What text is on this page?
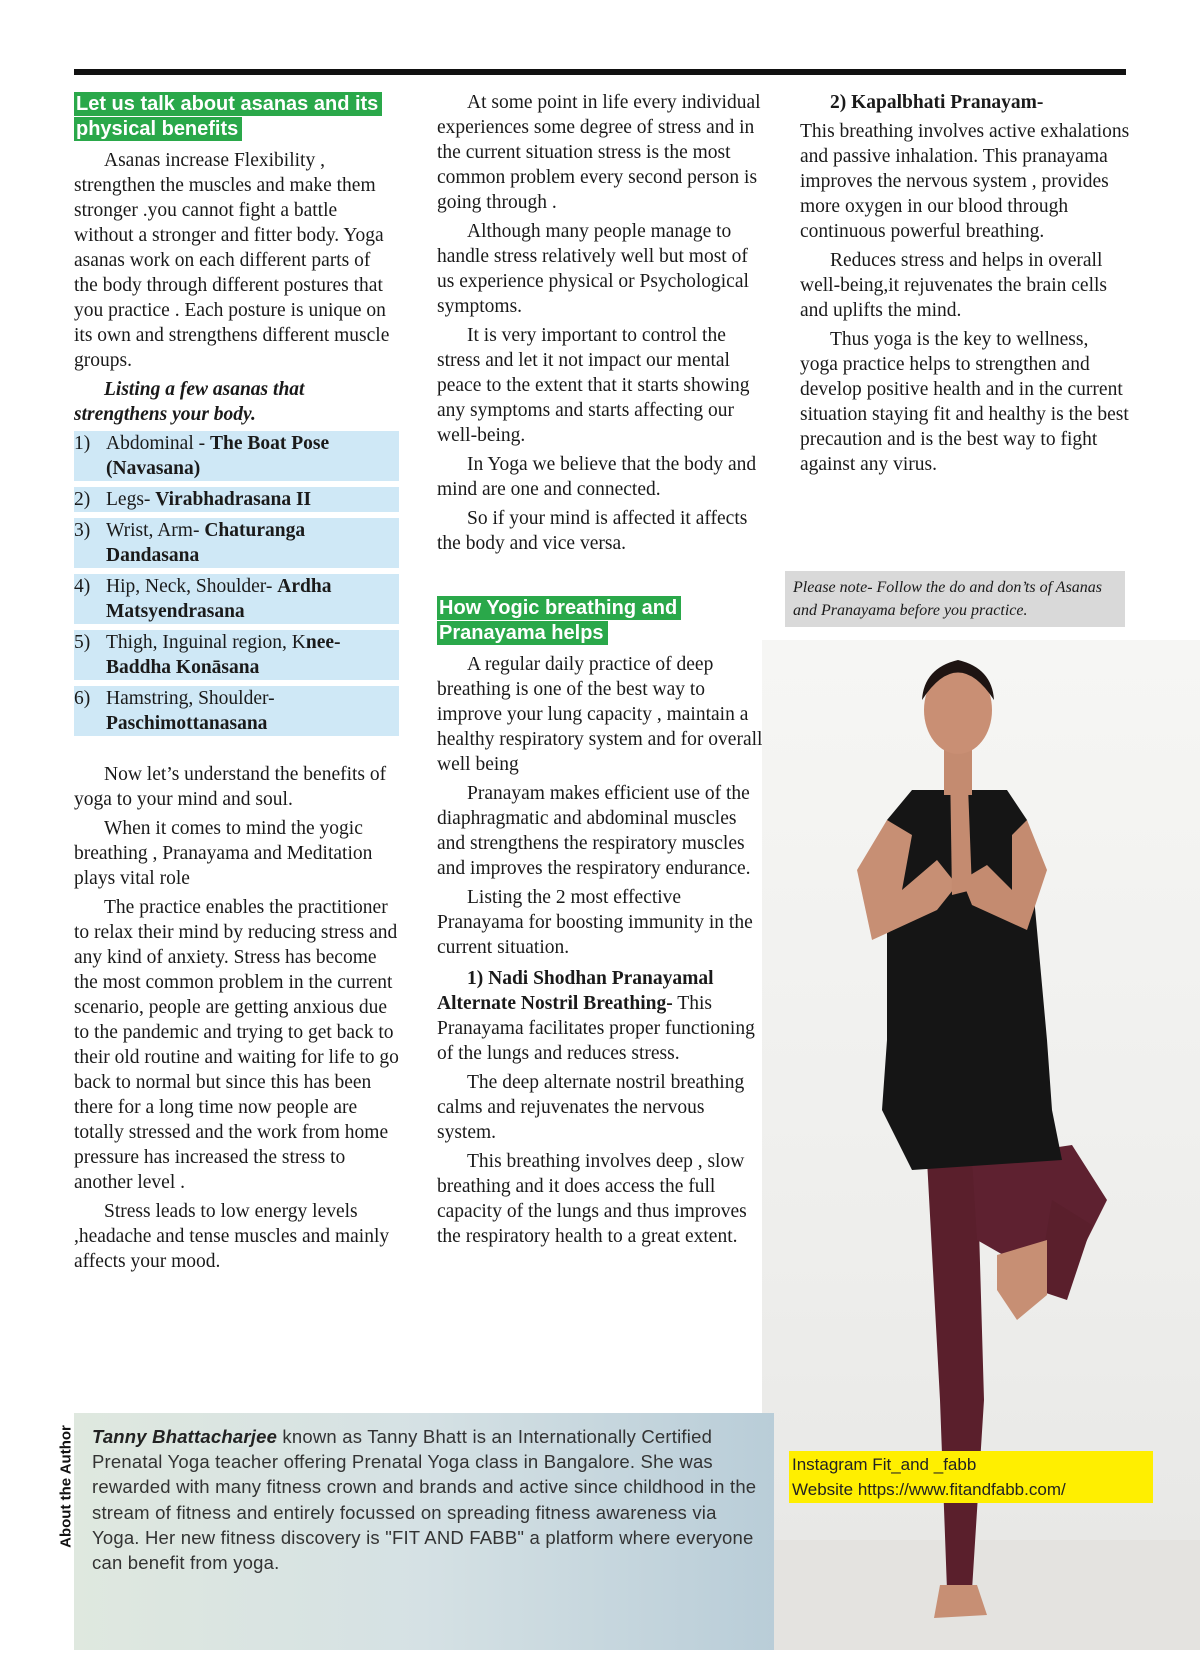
Let us talk about asanas and its physical benefits

Asanas increase Flexibility , strengthen the muscles and make them stronger .you cannot fight a battle without a stronger and fitter body. Yoga asanas work on each different parts of the body through different postures that you practice . Each posture is unique on its own and strengthens different muscle groups.

Listing a few asanas that strengthens your body.

1) Abdominal - The Boat Pose (Navasana)
2) Legs- Virabhadrasana II
3) Wrist, Arm- Chaturanga Dandasana
4) Hip, Neck, Shoulder- Ardha Matsyendrasana
5) Thigh, Inguinal region, Knee- Baddha Konāsana
6) Hamstring, Shoulder- Paschimottanasana

Now let’s understand the benefits of yoga to your mind and soul.

When it comes to mind the yogic breathing , Pranayama and Meditation plays vital role

The practice enables the practitioner to relax their mind by reducing stress and any kind of anxiety. Stress has become the most common problem in the current scenario, people are getting anxious due to the pandemic and trying to get back to their old routine and waiting for life to go back to normal but since this has been there for a long time now people are totally stressed and the work from home pressure has increased the stress to another level .

Stress leads to low energy levels ,headache and tense muscles and mainly affects your mood.

At some point in life every individual experiences some degree of stress and in the current situation stress is the most common problem every second person is going through .

Although many people manage to handle stress relatively well but most of us experience physical or Psychological symptoms.

It is very important to control the stress and let it not impact our mental peace to the extent that it starts showing any symptoms and starts affecting our well-being.

In Yoga we believe that the body and mind are one and connected.

So if your mind is affected it affects the body and vice versa.

How Yogic breathing and Pranayama helps

A regular daily practice of deep breathing is one of the best way to improve your lung capacity , maintain a healthy respiratory system and for overall well being

Pranayam makes efficient use of the diaphragmatic and abdominal muscles and strengthens the respiratory muscles and improves the respiratory endurance.

Listing the 2 most effective Pranayama for boosting immunity in the current situation.

1) Nadi Shodhan Pranayamal Alternate Nostril Breathing- This Pranayama facilitates proper functioning of the lungs and reduces stress.

The deep alternate nostril breathing calms and rejuvenates the nervous system.

This breathing involves deep , slow breathing and it does access the full capacity of the lungs and thus improves the respiratory health to a great extent.

2) Kapalbhati Pranayam-

This breathing involves active exhalations and passive inhalation. This pranayama improves the nervous system , provides more oxygen in our blood through continuous powerful breathing.

Reduces stress and helps in overall well-being,it rejuvenates the brain cells and uplifts the mind.

Thus yoga is the key to wellness, yoga practice helps to strengthen and develop positive health and in the current situation staying fit and healthy is the best precaution and is the best way to fight against any virus.

Please note- Follow the do and don’ts of Asanas and Pranayama before you practice.
About the Author Tanny Bhattacharjee known as Tanny Bhatt is an Internationally Certified Prenatal Yoga teacher offering Prenatal Yoga class in Bangalore. She was rewarded with many fitness crown and brands and active since childhood in the stream of fitness and entirely focussed on spreading fitness awareness via Yoga. Her new fitness discovery is "FIT AND FABB" a platform where everyone can benefit from yoga.
Instagram Fit_and _fabb
Website https://www.fitandfabb.com/
